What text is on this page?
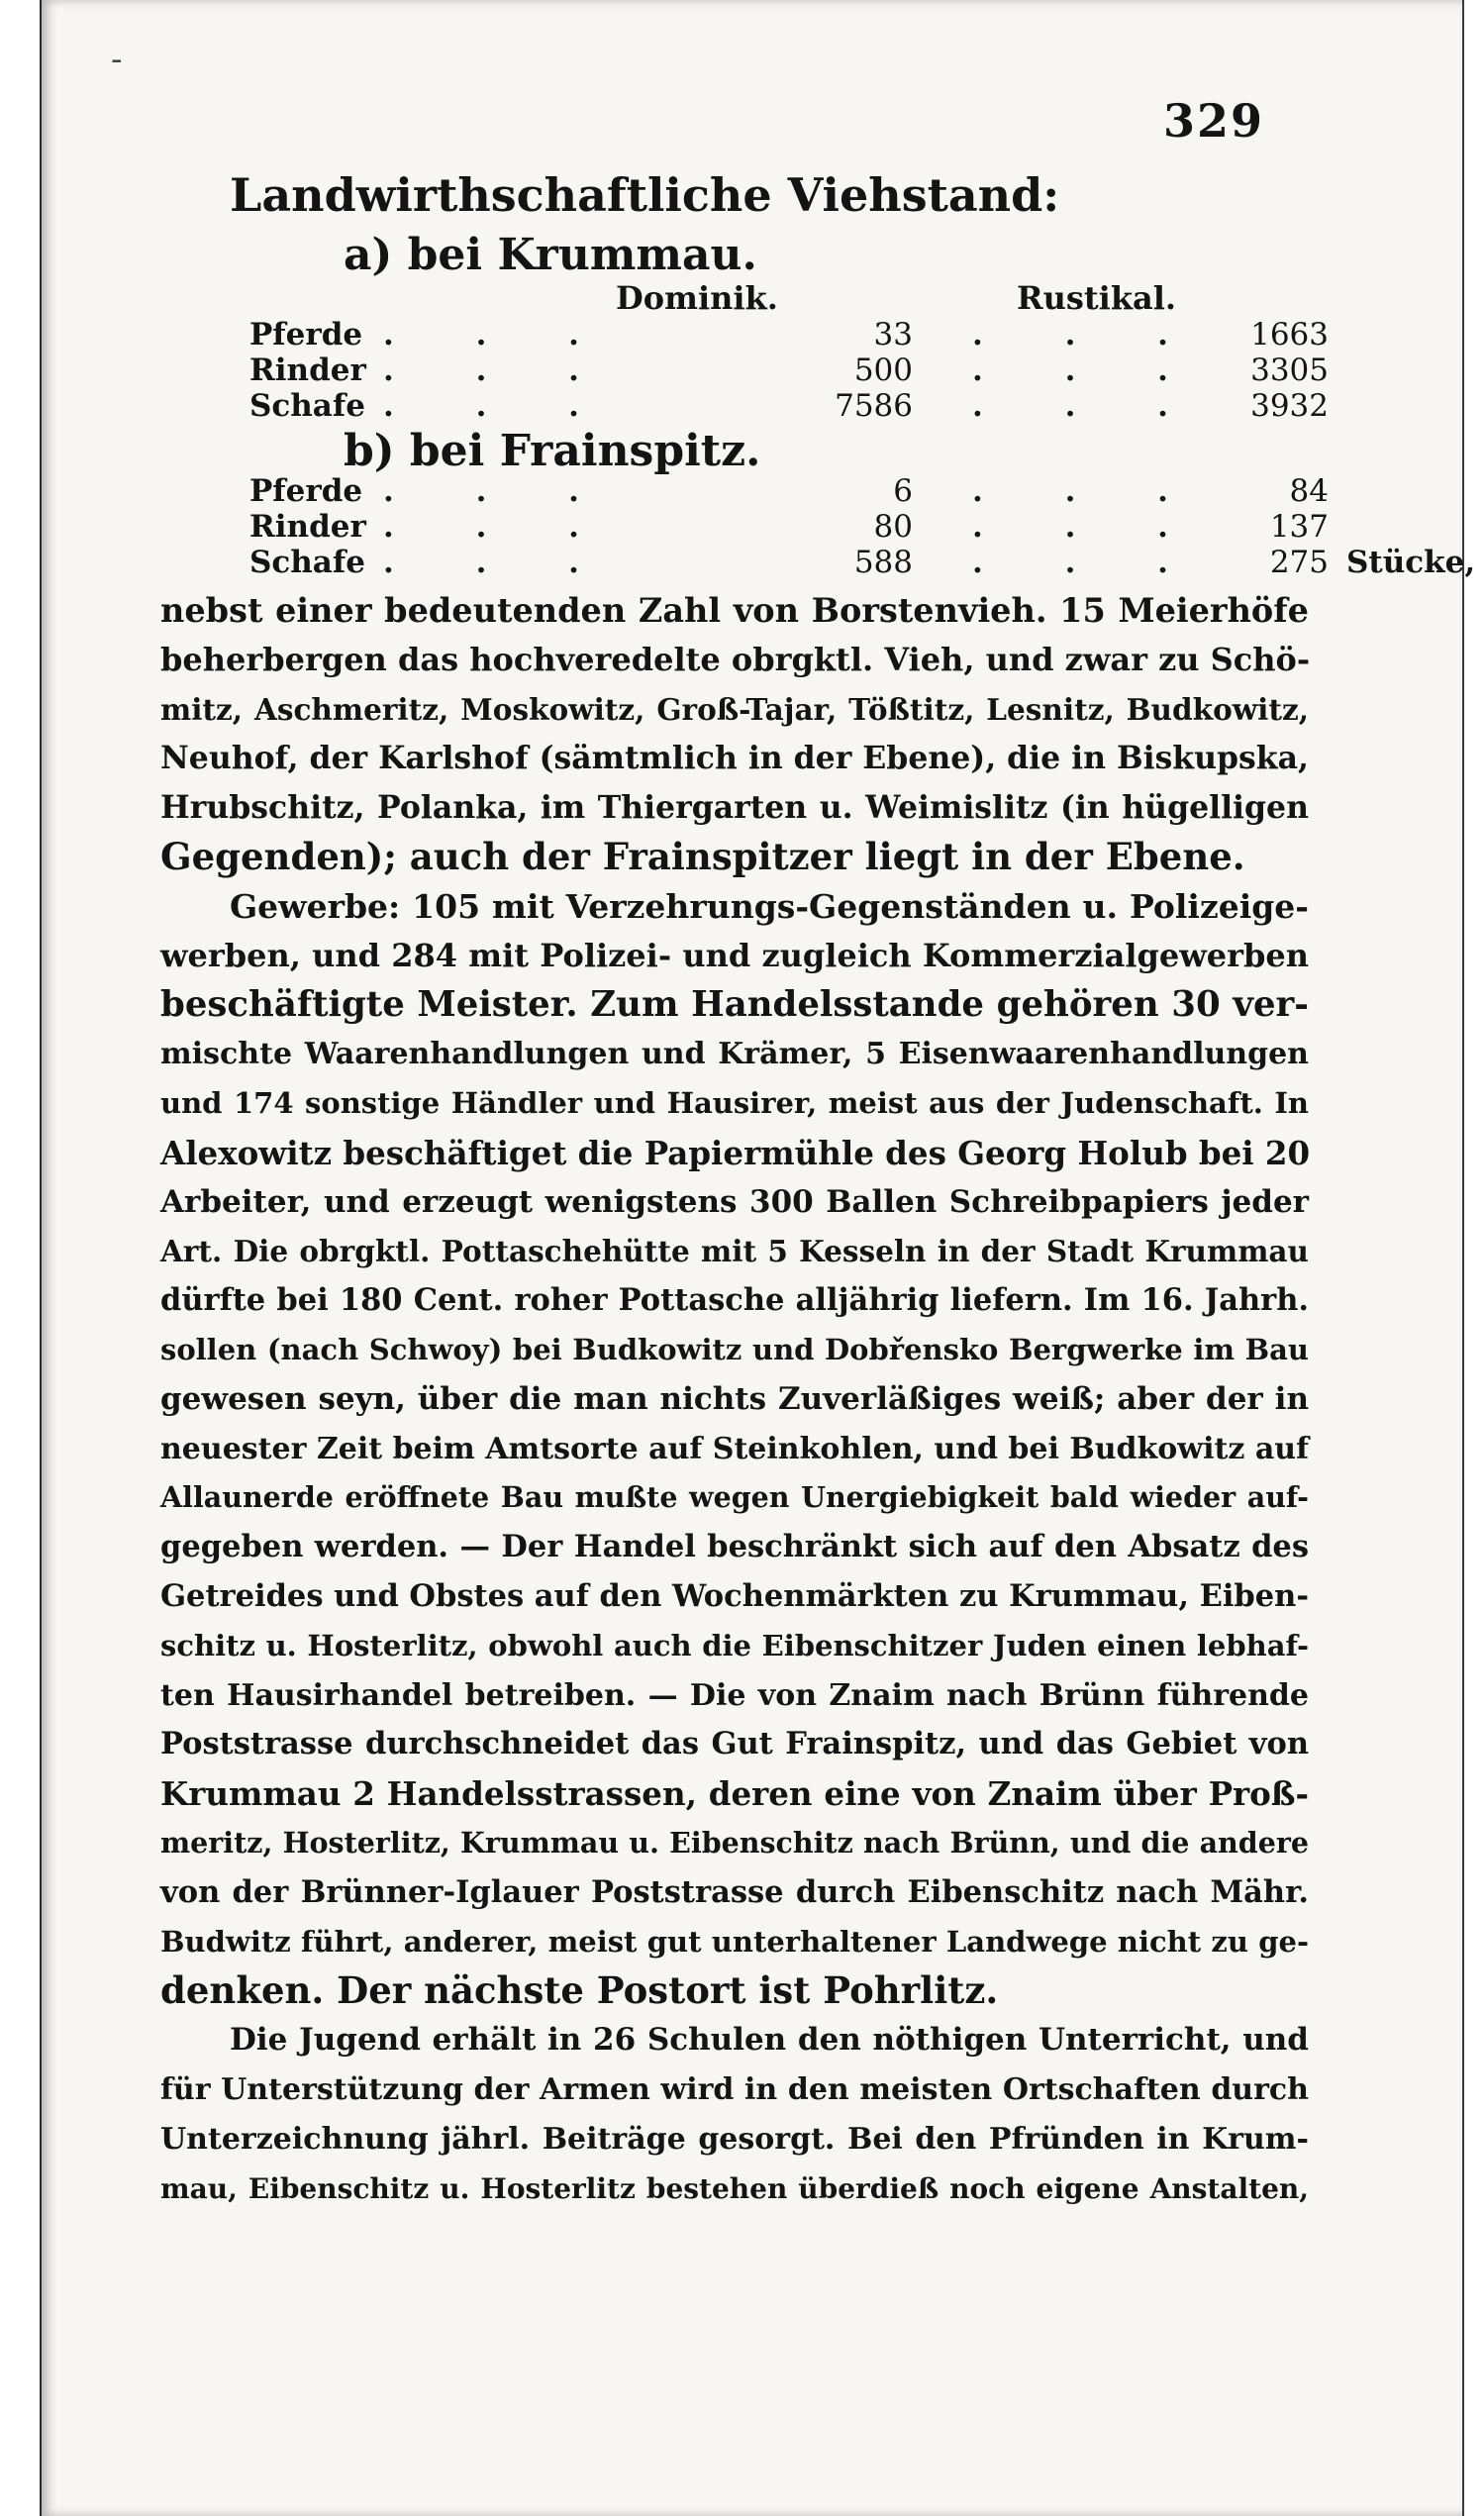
-
329
Landwirthschaftliche Viehstand:
a) bei Krummau.
Dominik.	Rustikal.
Pferde . . .	33 . . .	1663
Rinder . . .	500 . . .	3305
Schafe . . .	7586 . . .	3932
b) bei Frainspitz.
Pferde . . .	6 . . .	84
Rinder . . .	80 . . .	137
Schafe . . .	588 . . .	275 Stücke,
nebst einer bedeutenden Zahl von Borstenvieh. 15 Meierhöfe
beherbergen das hochveredelte obrgktl. Vieh, und zwar zu Schö-
mitz, Aschmeritz, Moskowitz, Groß-Tajar, Tößtitz, Lesnitz, Budkowitz,
Neuhof, der Karlshof (sämtmlich in der Ebene), die in Biskupska,
Hrubschitz, Polanka, im Thiergarten u. Weimislitz (in hügelligen
Gegenden); auch der Frainspitzer liegt in der Ebene.
Gewerbe: 105 mit Verzehrungs-Gegenständen u. Polizeige-
werben, und 284 mit Polizei- und zugleich Kommerzialgewerben
beschäftigte Meister. Zum Handelsstande gehören 30 ver-
mischte Waarenhandlungen und Krämer, 5 Eisenwaarenhandlungen
und 174 sonstige Händler und Hausirer, meist aus der Judenschaft. In
Alexowitz beschäftiget die Papiermühle des Georg Holub bei 20
Arbeiter, und erzeugt wenigstens 300 Ballen Schreibpapiers jeder
Art. Die obrgktl. Pottaschehütte mit 5 Kesseln in der Stadt Krummau
dürfte bei 180 Cent. roher Pottasche alljährig liefern. Im 16. Jahrh.
sollen (nach Schwoy) bei Budkowitz und Dobřensko Bergwerke im Bau
gewesen seyn, über die man nichts Zuverläßiges weiß; aber der in
neuester Zeit beim Amtsorte auf Steinkohlen, und bei Budkowitz auf
Allaunerde eröffnete Bau mußte wegen Unergiebigkeit bald wieder auf-
gegeben werden. — Der Handel beschränkt sich auf den Absatz des
Getreides und Obstes auf den Wochenmärkten zu Krummau, Eiben-
schitz u. Hosterlitz, obwohl auch die Eibenschitzer Juden einen lebhaf-
ten Hausirhandel betreiben. — Die von Znaim nach Brünn führende
Poststrasse durchschneidet das Gut Frainspitz, und das Gebiet von
Krummau 2 Handelsstrassen, deren eine von Znaim über Proß-
meritz, Hosterlitz, Krummau u. Eibenschitz nach Brünn, und die andere
von der Brünner-Iglauer Poststrasse durch Eibenschitz nach Mähr.
Budwitz führt, anderer, meist gut unterhaltener Landwege nicht zu ge-
denken. Der nächste Postort ist Pohrlitz.
Die Jugend erhält in 26 Schulen den nöthigen Unterricht, und
für Unterstützung der Armen wird in den meisten Ortschaften durch
Unterzeichnung jährl. Beiträge gesorgt. Bei den Pfründen in Krum-
mau, Eibenschitz u. Hosterlitz bestehen überdieß noch eigene Anstalten,
